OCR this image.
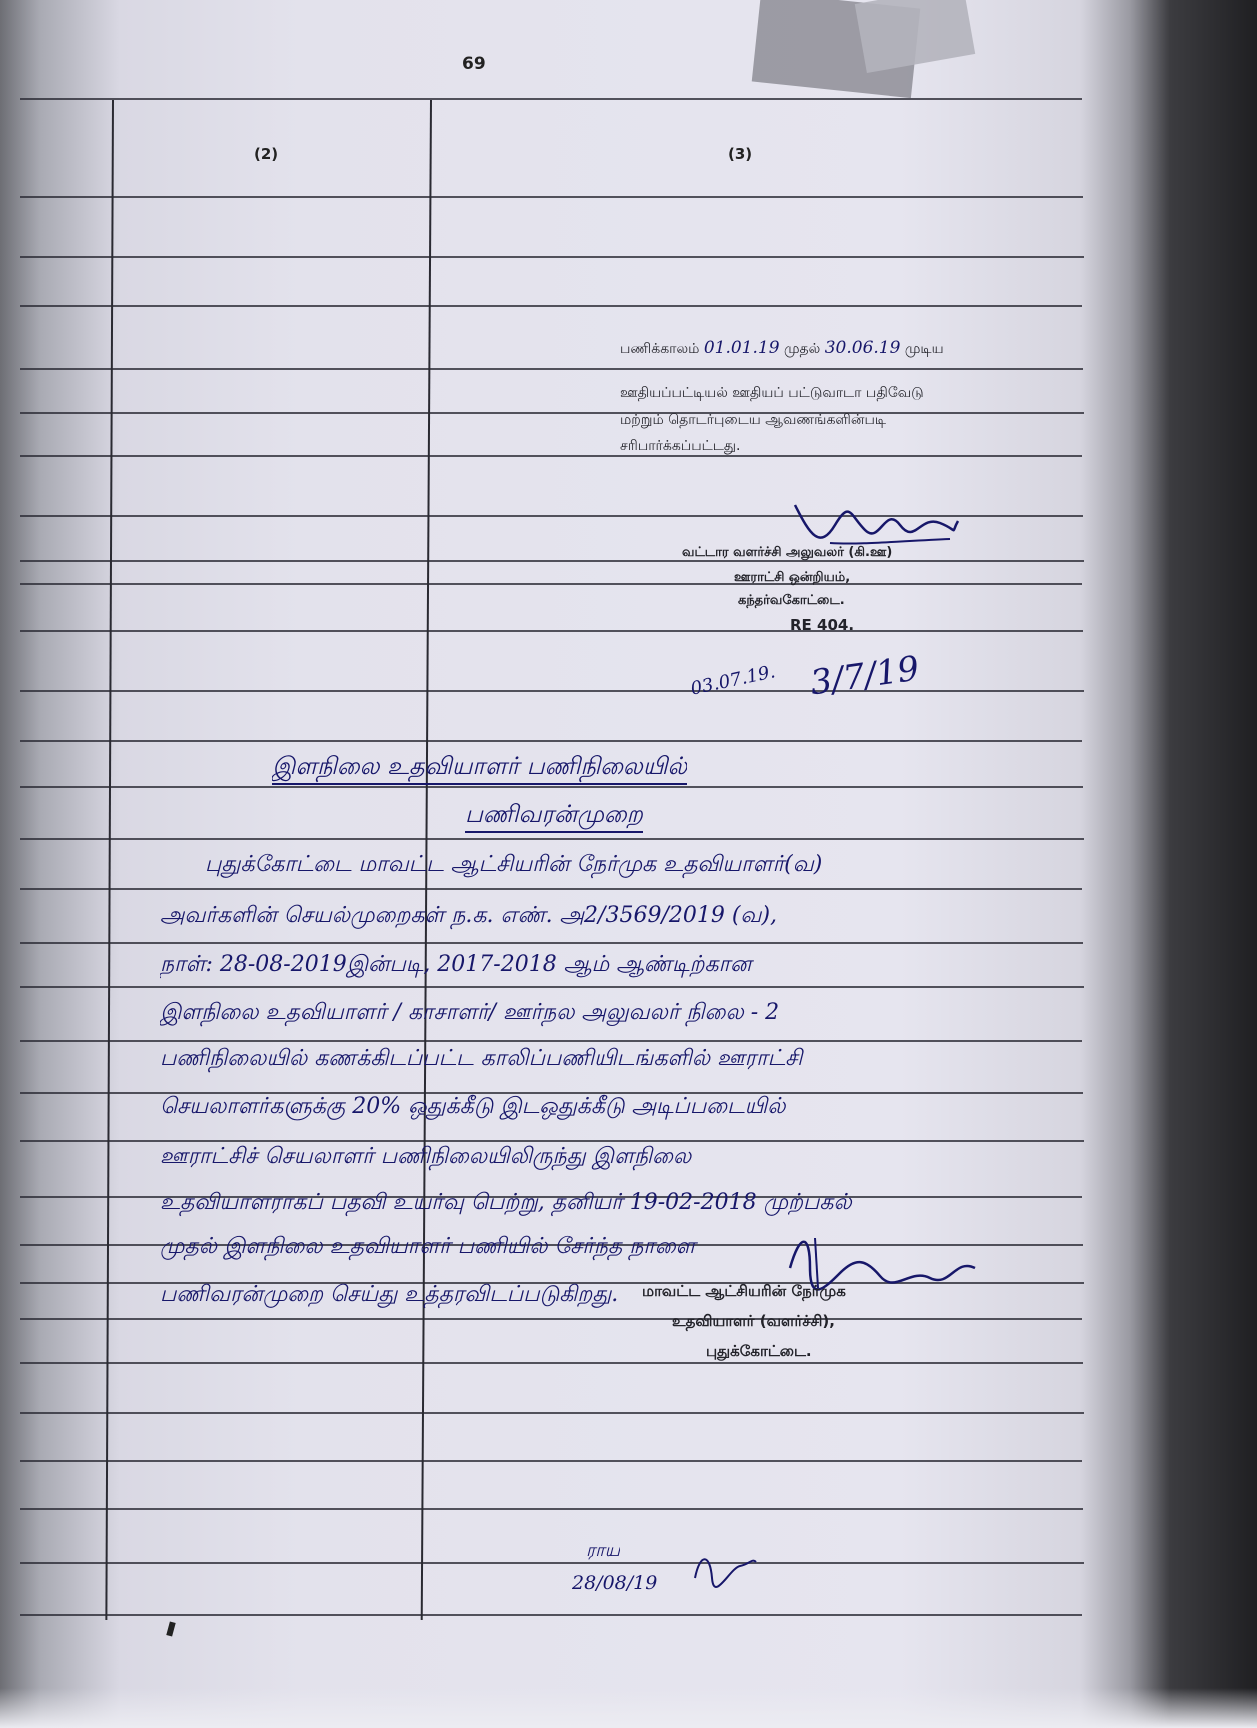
69
(2)	(3)
பணிக்காலம் 01.01.19 முதல் 30.06.19 முடிய
ஊதியப்பட்டியல் ஊதியப் பட்டுவாடா பதிவேடு
மற்றும் தொடர்புடைய ஆவணங்களின்படி
சரிபார்க்கப்பட்டது.
வட்டார வளர்ச்சி அலுவலர் (கி.ஊ)
ஊராட்சி ஒன்றியம்,
கந்தர்வகோட்டை.
RE 404.
03.07.19. 3/7/19
இளநிலை உதவியாளர் பணிநிலையில்
பணிவரன்முறை
புதுக்கோட்டை மாவட்ட ஆட்சியரின் நேர்முக உதவியாளர்(வ)
அவர்களின் செயல்முறைகள் ந.க. எண். அ2/3569/2019 (வ),
நாள்: 28-08-2019இன்படி, 2017-2018 ஆம் ஆண்டிற்கான
இளநிலை உதவியாளர் / காசாளர்/ ஊர்நல அலுவலர் நிலை - 2
பணிநிலையில் கணக்கிடப்பட்ட காலிப்பணியிடங்களில் ஊராட்சி
செயலாளர்களுக்கு 20% ஒதுக்கீடு இடஒதுக்கீடு அடிப்படையில்
ஊராட்சிச் செயலாளர் பணிநிலையிலிருந்து இளநிலை
உதவியாளராகப் பதவி உயர்வு பெற்று, தனியர் 19-02-2018 முற்பகல்
முதல் இளநிலை உதவியாளர் பணியில் சேர்ந்த நாளை
பணிவரன்முறை செய்து உத்தரவிடப்படுகிறது.	மாவட்ட ஆட்சியரின் நேர்முக
உதவியாளர் (வளர்ச்சி),
புதுக்கோட்டை.
ராய
28/08/19
